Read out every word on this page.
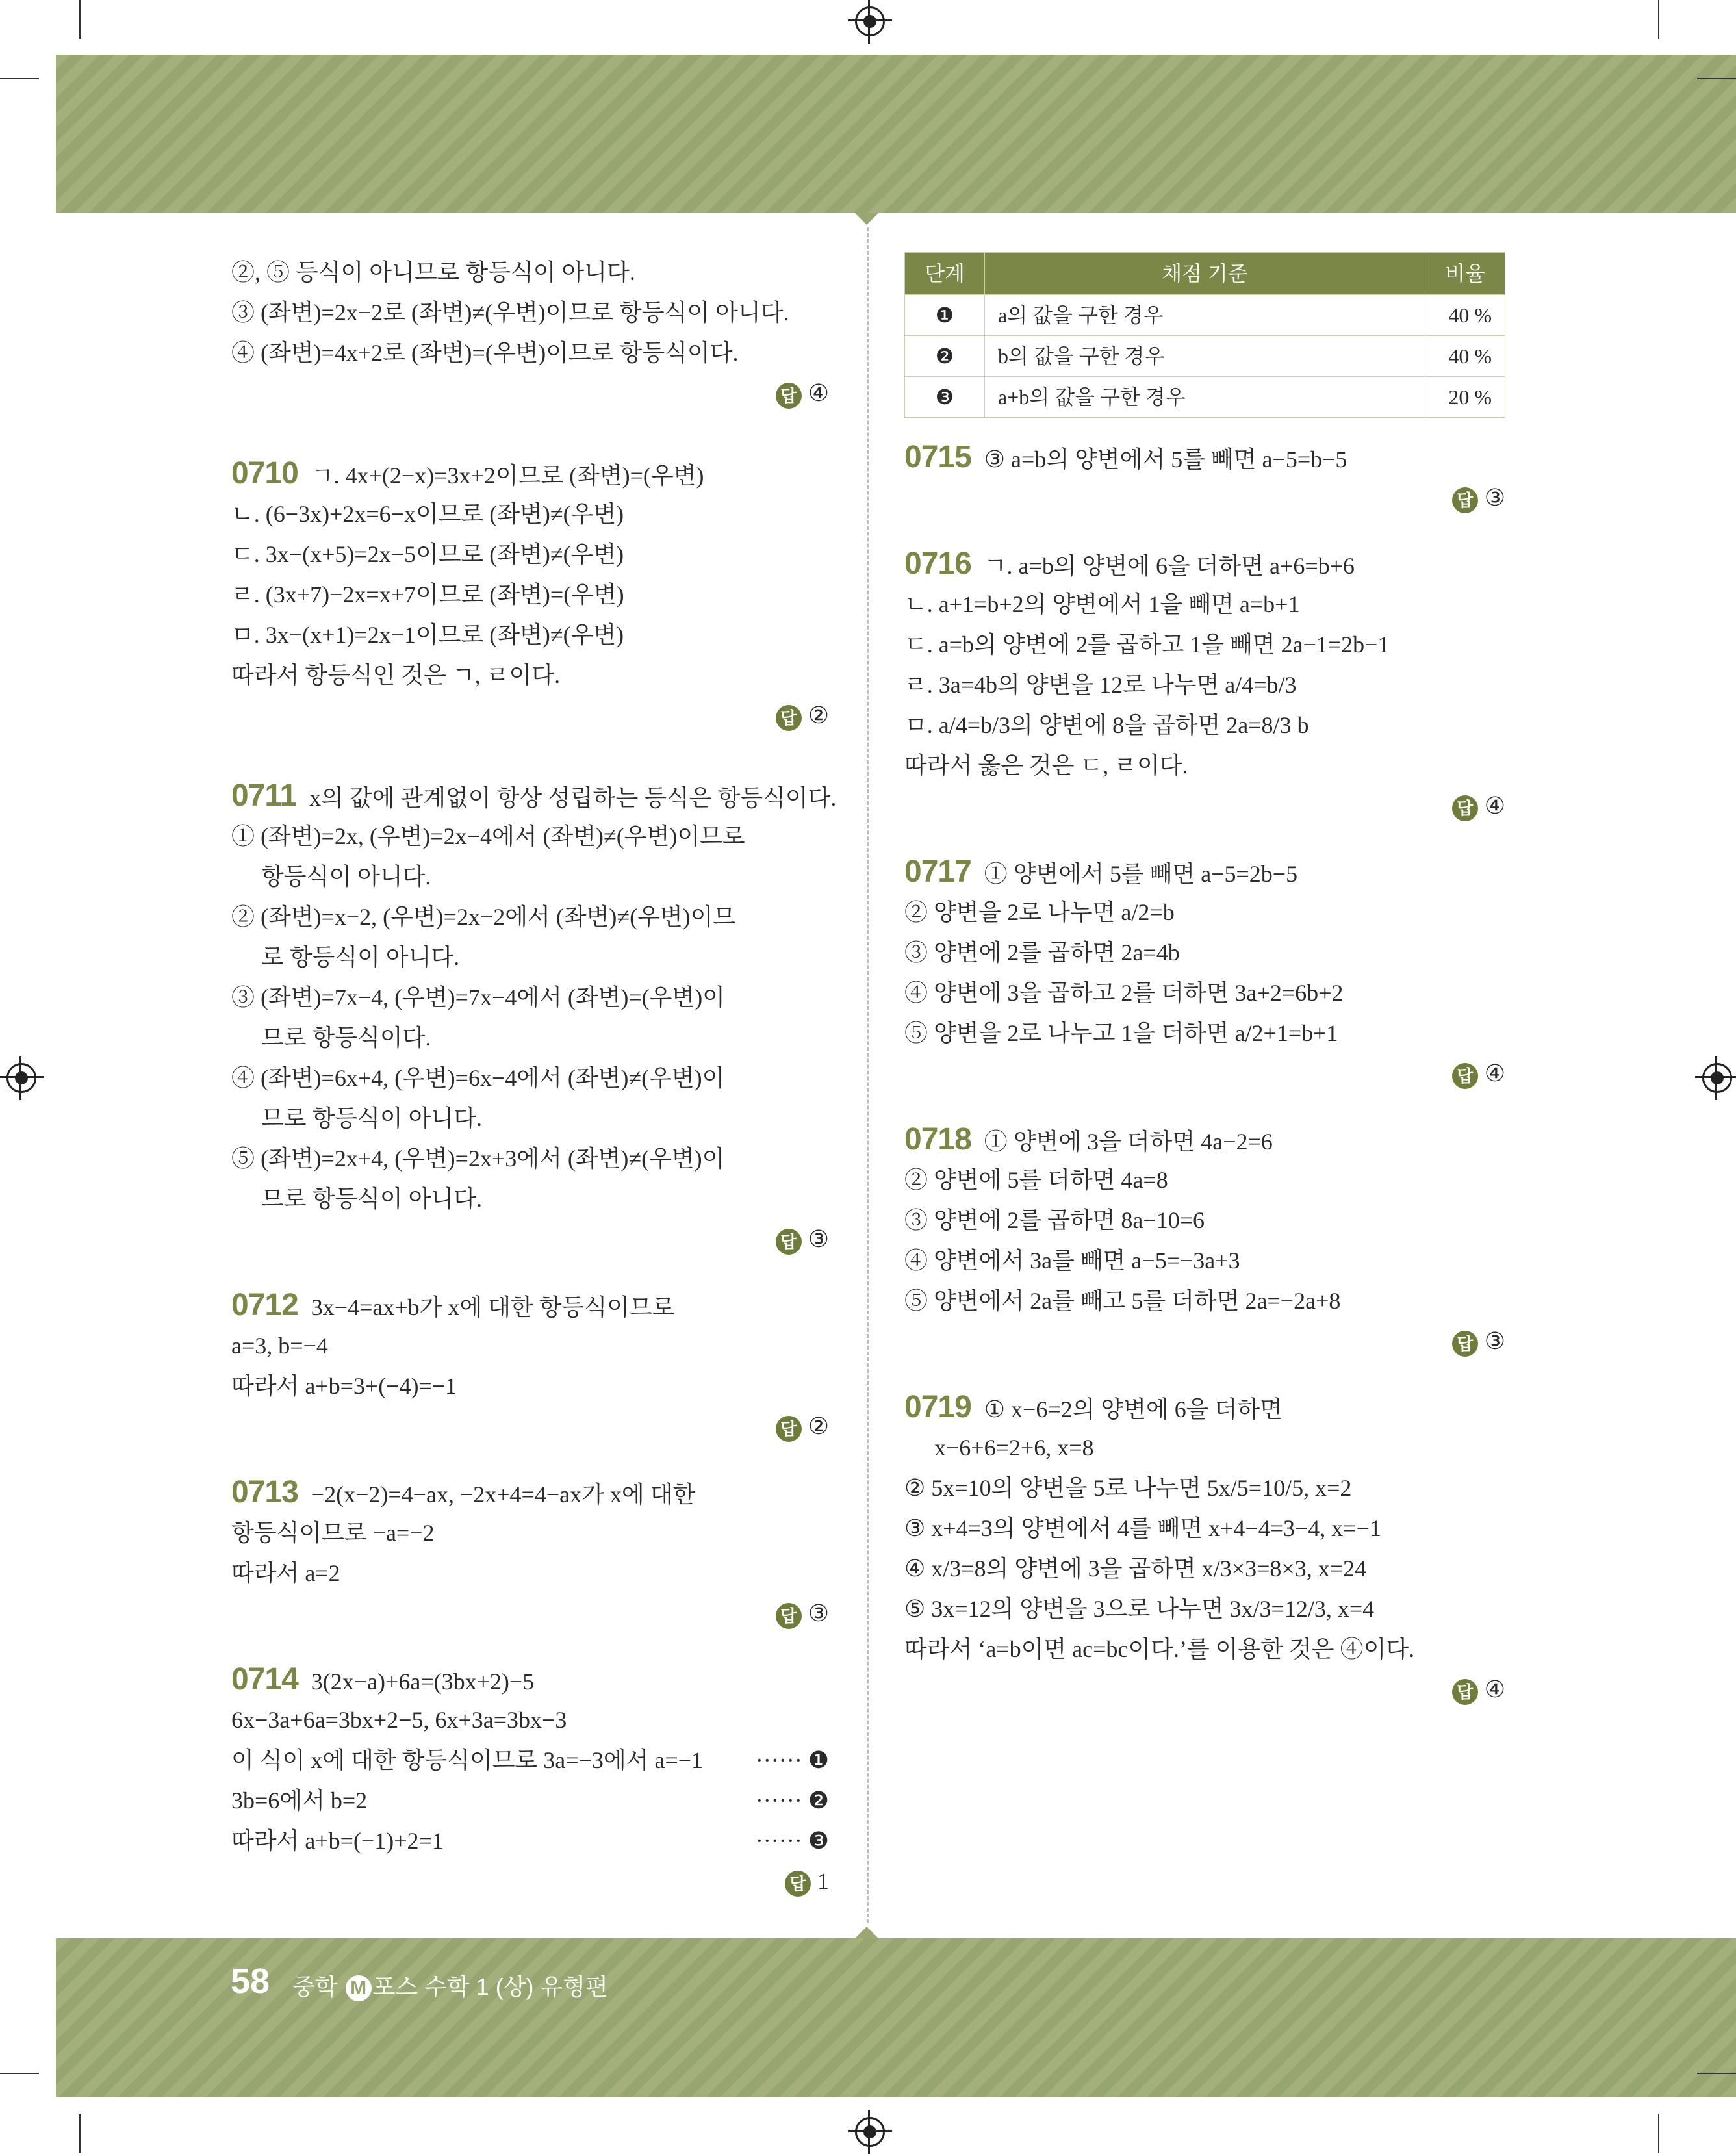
58 중학 M 포스 수학 1 (상) 유형편
②, ⑤ 등식이 아니므로 항등식이 아니다.
③ (좌변)=2x−2로 (좌변)≠(우변)이므로 항등식이 아니다.
④ (좌변)=4x+2로 (좌변)=(우변)이므로 항등식이다.
답 ④
0710 ㄱ. 4x+(2−x)=3x+2이므로 (좌변)=(우변)
ㄴ. (6−3x)+2x=6−x이므로 (좌변)≠(우변)
ㄷ. 3x−(x+5)=2x−5이므로 (좌변)≠(우변)
ㄹ. (3x+7)−2x=x+7이므로 (좌변)=(우변)
ㅁ. 3x−(x+1)=2x−1이므로 (좌변)≠(우변)
따라서 항등식인 것은 ㄱ, ㄹ이다.
답 ②
0711 x의 값에 관계없이 항상 성립하는 등식은 항등식이다.
① (좌변)=2x, (우변)=2x−4에서 (좌변)≠(우변)이므로
항등식이 아니다.
② (좌변)=x−2, (우변)=2x−2에서 (좌변)≠(우변)이므
로 항등식이 아니다.
③ (좌변)=7x−4, (우변)=7x−4에서 (좌변)=(우변)이
므로 항등식이다.
④ (좌변)=6x+4, (우변)=6x−4에서 (좌변)≠(우변)이
므로 항등식이 아니다.
⑤ (좌변)=2x+4, (우변)=2x+3에서 (좌변)≠(우변)이
므로 항등식이 아니다.
답 ③
0712 3x−4=ax+b가 x에 대한 항등식이므로
a=3, b=−4
따라서 a+b=3+(−4)=−1
답 ②
0713 −2(x−2)=4−ax, −2x+4=4−ax가 x에 대한
항등식이므로 −a=−2
따라서 a=2
답 ③
0714 3(2x−a)+6a=(3bx+2)−5
6x−3a+6a=3bx+2−5, 6x+3a=3bx−3
이 식이 x에 대한 항등식이므로 3a=−3에서 a=−1 ······ ❶
3b=6에서 b=2	······ ❷
따라서 a+b=(−1)+2=1	······ ❸
답 1
단계	채점 기준	비율
❶	a의 값을 구한 경우	40 %
❷	b의 값을 구한 경우	40 %
❸	a+b의 값을 구한 경우	20 %
0715 ③ a=b의 양변에서 5를 빼면 a−5=b−5
답 ③
0716 ㄱ. a=b의 양변에 6을 더하면 a+6=b+6
ㄴ. a+1=b+2의 양변에서 1을 빼면 a=b+1
ㄷ. a=b의 양변에 2를 곱하고 1을 빼면 2a−1=2b−1
ㄹ. 3a=4b의 양변을 12로 나누면 a/4=b/3
ㅁ. a/4=b/3의 양변에 8을 곱하면 2a=8/3 b
따라서 옳은 것은 ㄷ, ㄹ이다.
답 ④
0717 ① 양변에서 5를 빼면 a−5=2b−5
② 양변을 2로 나누면 a/2=b
③ 양변에 2를 곱하면 2a=4b
④ 양변에 3을 곱하고 2를 더하면 3a+2=6b+2
⑤ 양변을 2로 나누고 1을 더하면 a/2+1=b+1
답 ④
0718 ① 양변에 3을 더하면 4a−2=6
② 양변에 5를 더하면 4a=8
③ 양변에 2를 곱하면 8a−10=6
④ 양변에서 3a를 빼면 a−5=−3a+3
⑤ 양변에서 2a를 빼고 5를 더하면 2a=−2a+8
답 ③
0719 ① x−6=2의 양변에 6을 더하면
x−6+6=2+6, x=8
② 5x=10의 양변을 5로 나누면 5x/5=10/5, x=2
③ x+4=3의 양변에서 4를 빼면 x+4−4=3−4, x=−1
④ x/3=8의 양변에 3을 곱하면 x/3×3=8×3, x=24
⑤ 3x=12의 양변을 3으로 나누면 3x/3=12/3, x=4
따라서 ‘a=b이면 ac=bc이다.’를 이용한 것은 ④이다.
답 ④
